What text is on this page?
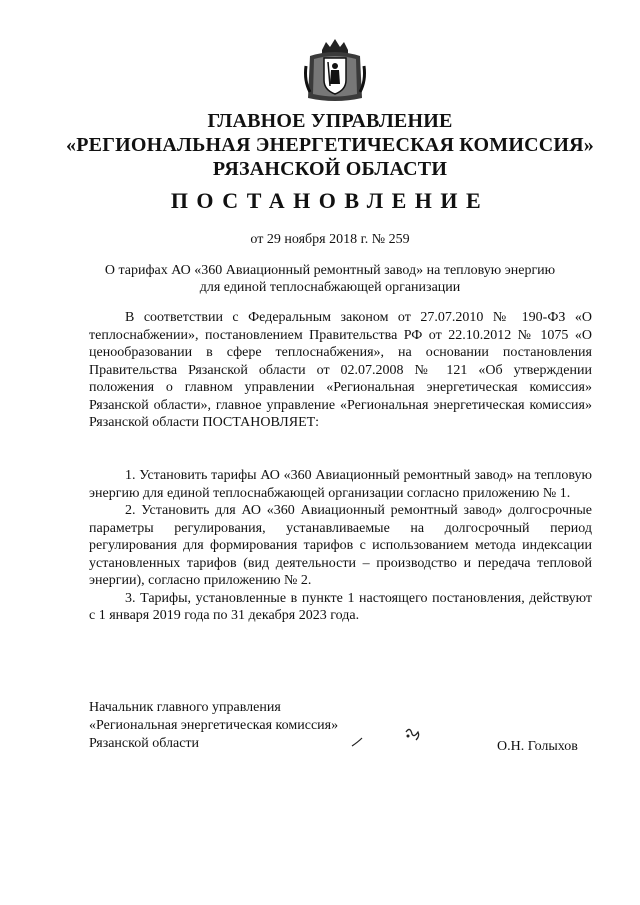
ГЛАВНОЕ УПРАВЛЕНИЕ
«РЕГИОНАЛЬНАЯ ЭНЕРГЕТИЧЕСКАЯ КОМИССИЯ»
РЯЗАНСКОЙ ОБЛАСТИ
ПОСТАНОВЛЕНИЕ
от 29 ноября 2018 г. № 259
О тарифах АО «360 Авиационный ремонтный завод» на тепловую энергию
для единой теплоснабжающей организации

В соответствии с Федеральным законом от 27.07.2010 № 190-ФЗ «О теплоснабжении», постановлением Правительства РФ от 22.10.2012 № 1075 «О ценообразовании в сфере теплоснабжения», на основании постановления Правительства Рязанской области от 02.07.2008 № 121 «Об утверждении положения о главном управлении «Региональная энергетическая комиссия» Рязанской области», главное управление «Региональная энергетическая комиссия» Рязанской области ПОСТАНОВЛЯЕТ:

1. Установить тарифы АО «360 Авиационный ремонтный завод» на тепловую энергию для единой теплоснабжающей организации согласно приложению № 1.

2. Установить для АО «360 Авиационный ремонтный завод» долгосрочные параметры регулирования, устанавливаемые на долгосрочный период регулирования для формирования тарифов с использованием метода индексации установленных тарифов (вид деятельности – производство и передача тепловой энергии), согласно приложению № 2.

3. Тарифы, установленные в пункте 1 настоящего постановления, действуют с 1 января 2019 года по 31 декабря 2023 года.

Начальник главного управления
«Региональная энергетическая комиссия»
Рязанской области	О.Н. Голыхов
